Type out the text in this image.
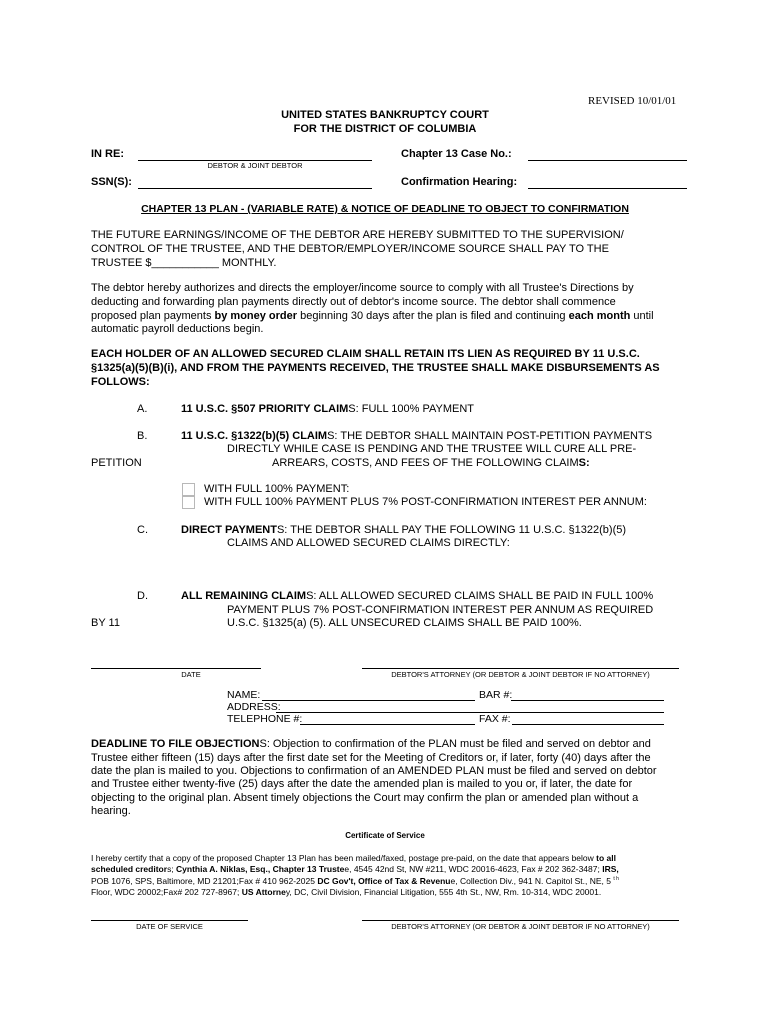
REVISED 10/01/01
UNITED STATES BANKRUPTCY COURT
FOR THE DISTRICT OF COLUMBIA
IN RE:
DEBTOR & JOINT DEBTOR
Chapter 13 Case No.:
SSN(S):	Confirmation Hearing:
CHAPTER 13 PLAN - (VARIABLE RATE) & NOTICE OF DEADLINE TO OBJECT TO CONFIRMATION
THE FUTURE EARNINGS/INCOME OF THE DEBTOR ARE HEREBY SUBMITTED TO THE SUPERVISION/
CONTROL OF THE TRUSTEE, AND THE DEBTOR/EMPLOYER/INCOME SOURCE SHALL PAY TO THE
TRUSTEE $___________ MONTHLY.
The debtor hereby authorizes and directs the employer/income source to comply with all Trustee's Directions by
deducting and forwarding plan payments directly out of debtor's income source. The debtor shall commence
proposed plan payments by money order beginning 30 days after the plan is filed and continuing each month until
automatic payroll deductions begin.
EACH HOLDER OF AN ALLOWED SECURED CLAIM SHALL RETAIN ITS LIEN AS REQUIRED BY 11 U.S.C.
§1325(a)(5)(B)(i), AND FROM THE PAYMENTS RECEIVED, THE TRUSTEE SHALL MAKE DISBURSEMENTS AS
FOLLOWS:
A.	11 U.S.C. §507 PRIORITY CLAIMS: FULL 100% PAYMENT
B.	11 U.S.C. §1322(b)(5) CLAIMS: THE DEBTOR SHALL MAINTAIN POST-PETITION PAYMENTS
DIRECTLY WHILE CASE IS PENDING AND THE TRUSTEE WILL CURE ALL PRE-
PETITION	ARREARS, COSTS, AND FEES OF THE FOLLOWING CLAIMS:
WITH FULL 100% PAYMENT:
WITH FULL 100% PAYMENT PLUS 7% POST-CONFIRMATION INTEREST PER ANNUM:
C.	DIRECT PAYMENTS: THE DEBTOR SHALL PAY THE FOLLOWING 11 U.S.C. §1322(b)(5)
CLAIMS AND ALLOWED SECURED CLAIMS DIRECTLY:
D.	ALL REMAINING CLAIMS: ALL ALLOWED SECURED CLAIMS SHALL BE PAID IN FULL 100%
PAYMENT PLUS 7% POST-CONFIRMATION INTEREST PER ANNUM AS REQUIRED
BY 11	U.S.C. §1325(a) (5). ALL UNSECURED CLAIMS SHALL BE PAID 100%.
DATE	DEBTOR'S ATTORNEY (OR DEBTOR & JOINT DEBTOR IF NO ATTORNEY)
NAME:	BAR #:
ADDRESS:
TELEPHONE #:	FAX #:
DEADLINE TO FILE OBJECTIONS: Objection to confirmation of the PLAN must be filed and served on debtor and
Trustee either fifteen (15) days after the first date set for the Meeting of Creditors or, if later, forty (40) days after the
date the plan is mailed to you. Objections to confirmation of an AMENDED PLAN must be filed and served on debtor
and Trustee either twenty-five (25) days after the date the amended plan is mailed to you or, if later, the date for
objecting to the original plan. Absent timely objections the Court may confirm the plan or amended plan without a
hearing.
Certificate of Service
I hereby certify that a copy of the proposed Chapter 13 Plan has been mailed/faxed, postage pre-paid, on the date that appears below to all
scheduled creditors; Cynthia A. Niklas, Esq., Chapter 13 Trustee, 4545 42nd St, NW #211, WDC 20016-4623, Fax # 202 362-3487; IRS,
POB 1076, SPS, Baltimore, MD 21201;Fax # 410 962-2025 DC Gov't, Office of Tax & Revenue, Collection Div., 941 N. Capitol St., NE, 5 $^{t h}$
Floor, WDC 20002;Fax# 202 727-8967; US Attorney, DC, Civil Division, Financial Litigation, 555 4th St., NW, Rm. 10-314, WDC 20001.
DATE OF SERVICE	DEBTOR'S ATTORNEY (OR DEBTOR & JOINT DEBTOR IF NO ATTORNEY)
